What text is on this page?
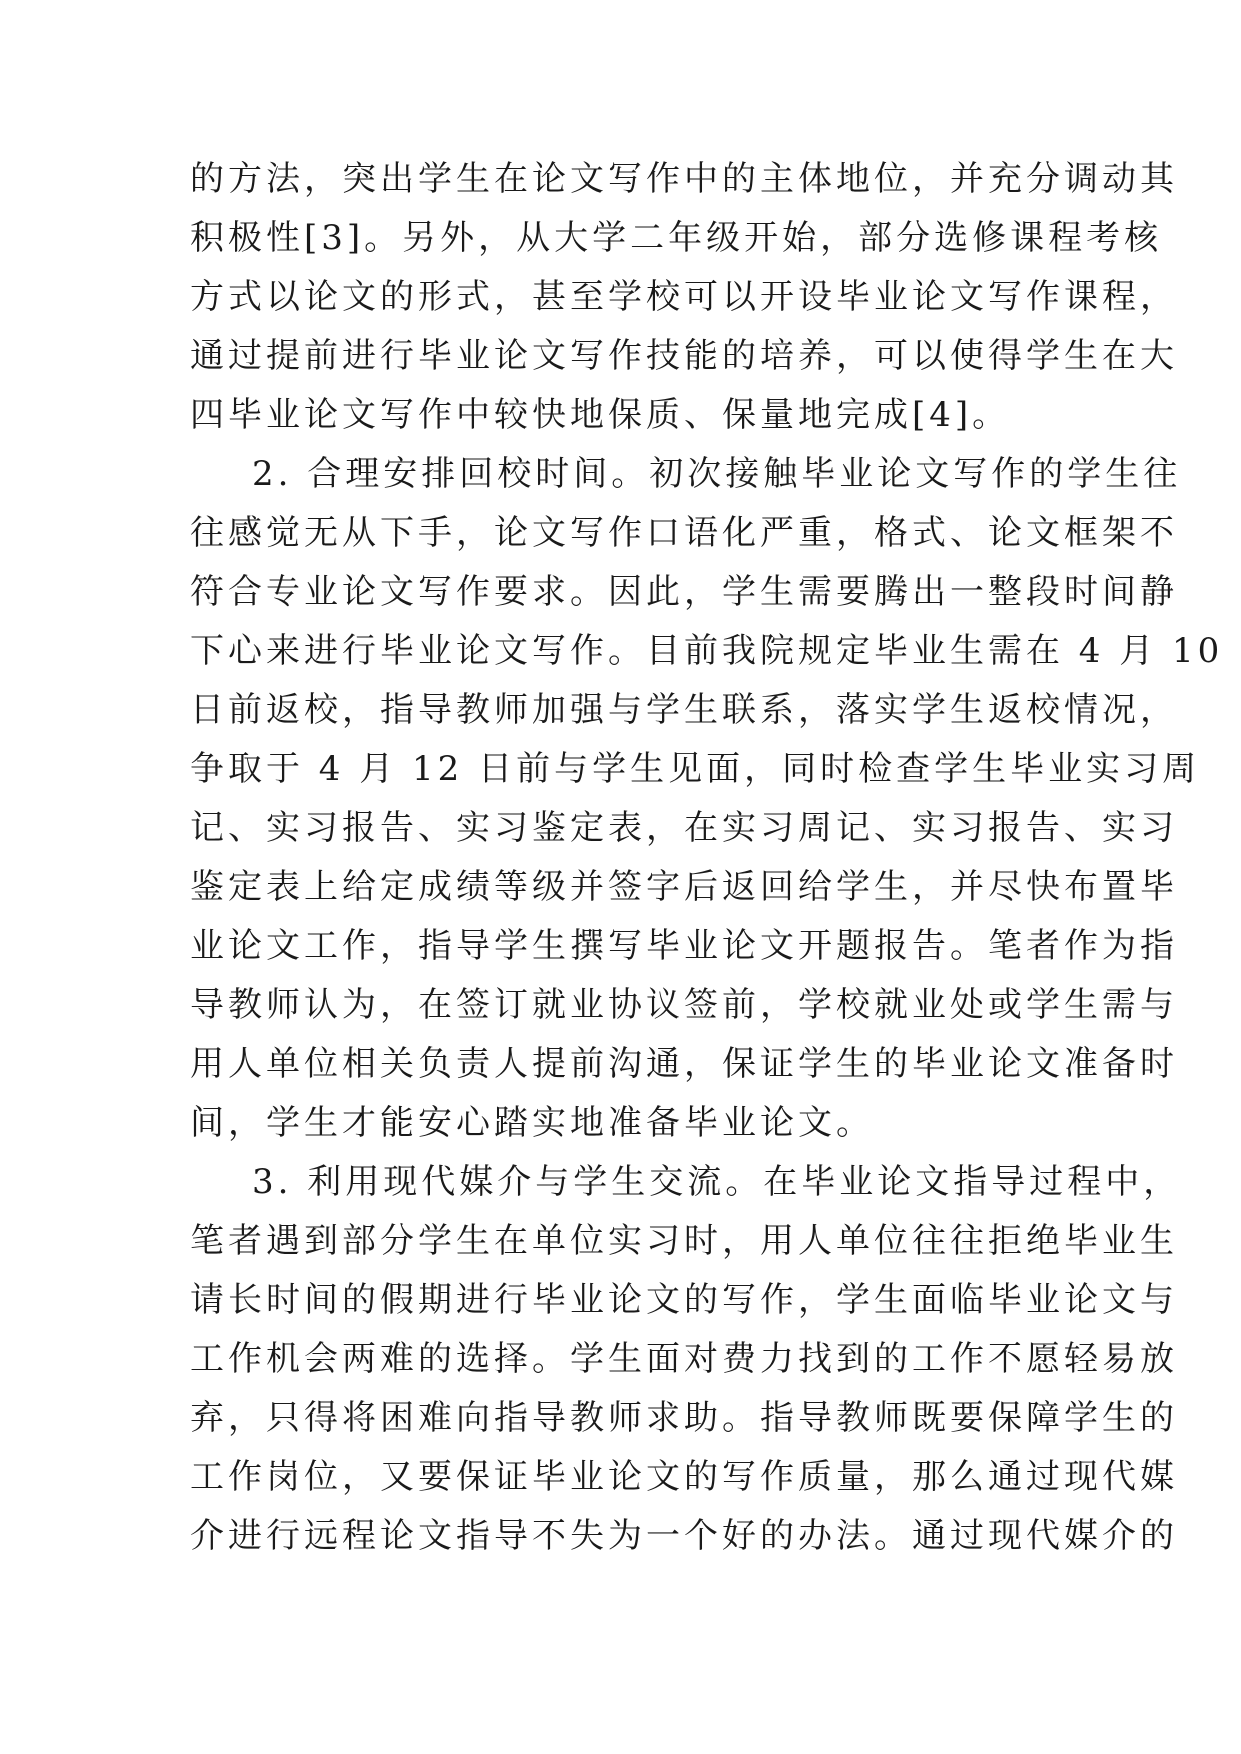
的方法，突出学生在论文写作中的主体地位，并充分调动其
积极性[3]。另外，从大学二年级开始，部分选修课程考核
方式以论文的形式，甚至学校可以开设毕业论文写作课程，
通过提前进行毕业论文写作技能的培养，可以使得学生在大
四毕业论文写作中较快地保质、保量地完成[4]。
2. 合理安排回校时间。初次接触毕业论文写作的学生往
往感觉无从下手，论文写作口语化严重，格式、论文框架不
符合专业论文写作要求。因此，学生需要腾出一整段时间静
下心来进行毕业论文写作。目前我院规定毕业生需在 4 月 10
日前返校，指导教师加强与学生联系，落实学生返校情况，
争取于 4 月 12 日前与学生见面，同时检查学生毕业实习周
记、实习报告、实习鉴定表，在实习周记、实习报告、实习
鉴定表上给定成绩等级并签字后返回给学生，并尽快布置毕
业论文工作，指导学生撰写毕业论文开题报告。笔者作为指
导教师认为，在签订就业协议签前，学校就业处或学生需与
用人单位相关负责人提前沟通，保证学生的毕业论文准备时
间，学生才能安心踏实地准备毕业论文。
3. 利用现代媒介与学生交流。在毕业论文指导过程中，
笔者遇到部分学生在单位实习时，用人单位往往拒绝毕业生
请长时间的假期进行毕业论文的写作，学生面临毕业论文与
工作机会两难的选择。学生面对费力找到的工作不愿轻易放
弃，只得将困难向指导教师求助。指导教师既要保障学生的
工作岗位，又要保证毕业论文的写作质量，那么通过现代媒
介进行远程论文指导不失为一个好的办法。通过现代媒介的
